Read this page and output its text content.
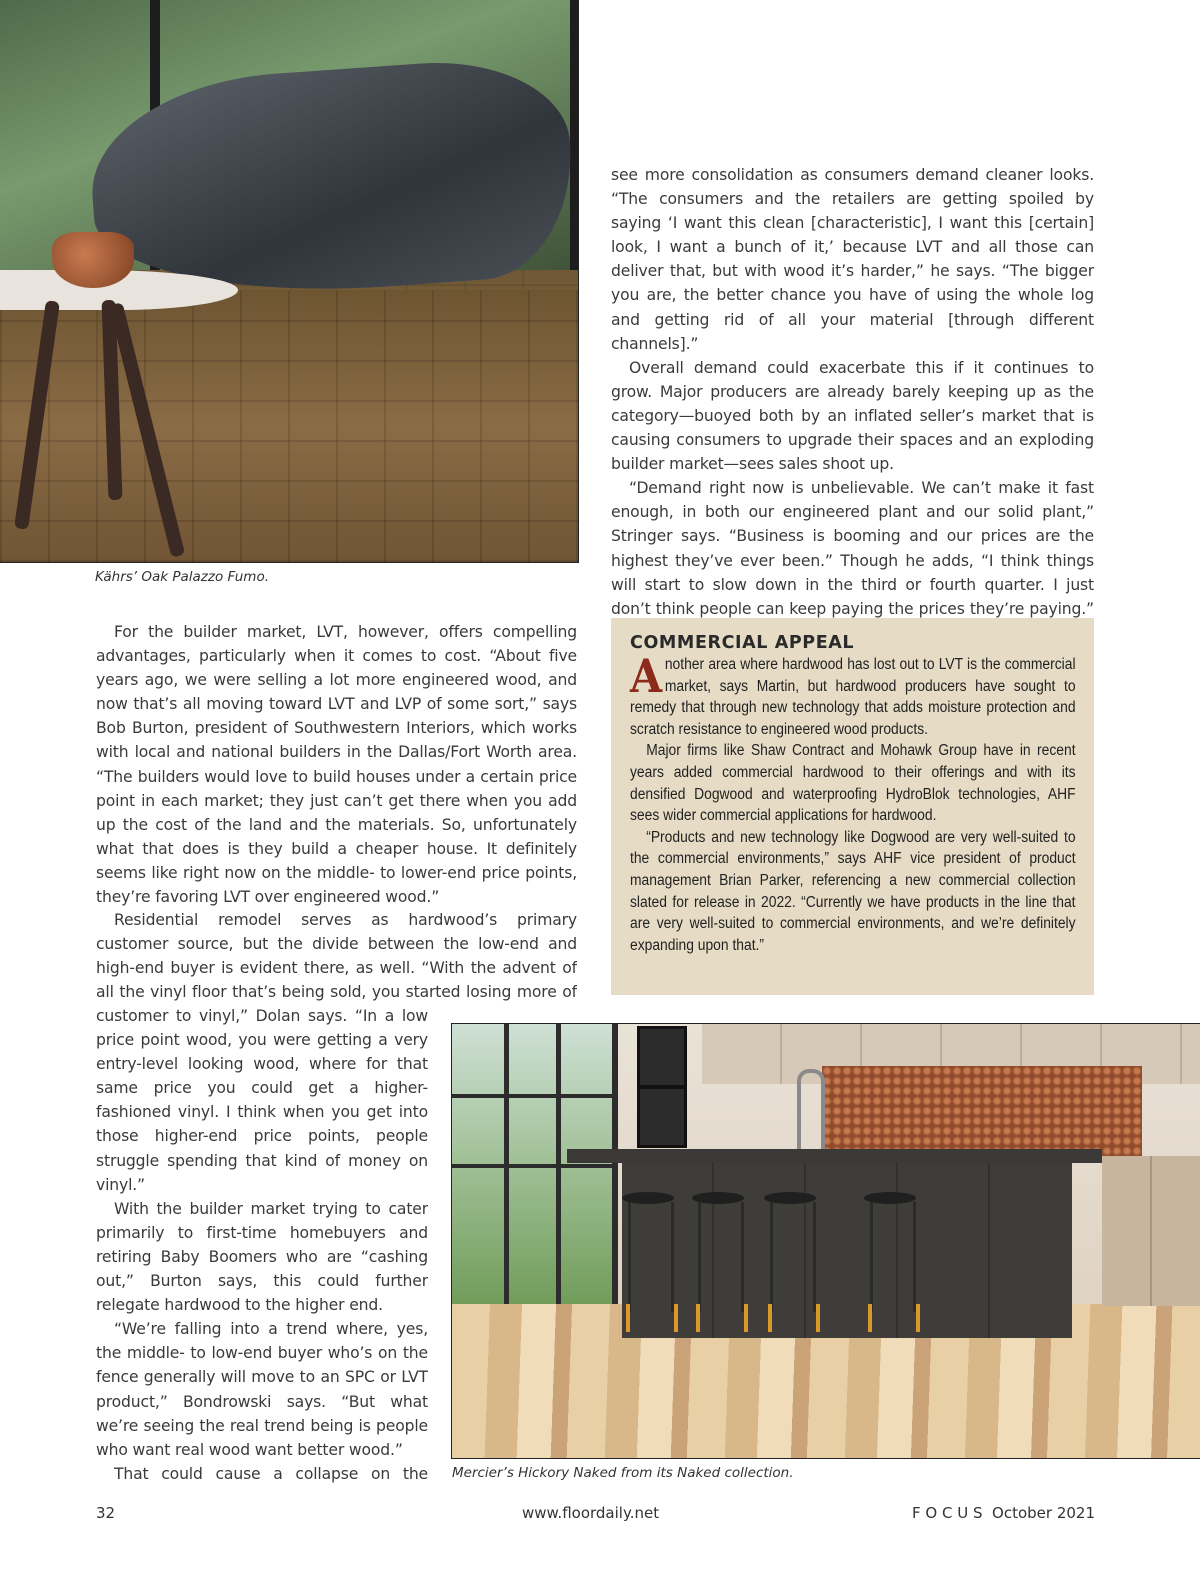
Kährs’ Oak Palazzo Fumo.

see more consolidation as consumers demand cleaner looks. “The consumers and the retailers are getting spoiled by saying ‘I want this clean [characteristic], I want this [certain] look, I want a bunch of it,’ because LVT and all those can deliver that, but with wood it’s harder,” he says. “The bigger you are, the better chance you have of using the whole log and getting rid of all your material [through different channels].”

Overall demand could exacerbate this if it continues to grow. Major producers are already barely keeping up as the category—buoyed both by an inflated seller’s market that is causing consumers to upgrade their spaces and an exploding builder market—sees sales shoot up.

“Demand right now is unbelievable. We can’t make it fast enough, in both our engineered plant and our solid plant,” Stringer says. “Business is booming and our prices are the highest they’ve ever been.” Though he adds, “I think things will start to slow down in the third or fourth quarter. I just don’t think people can keep paying the prices they’re paying.”

COMMERCIAL APPEAL

Another area where hardwood has lost out to LVT is the commercial market, says Martin, but hardwood producers have sought to remedy that through new technology that adds moisture protection and scratch resistance to engineered wood products.

Major firms like Shaw Contract and Mohawk Group have in recent years added commercial hardwood to their offerings and with its densified Dogwood and waterproofing HydroBlok technologies, AHF sees wider commercial applications for hardwood.

“Products and new technology like Dogwood are very well-suited to the commercial environments,” says AHF vice president of product management Brian Parker, referencing a new commercial collection slated for release in 2022. “Currently we have products in the line that are very well-suited to commercial environments, and we’re definitely expanding upon that.”

For the builder market, LVT, however, offers compelling advantages, particularly when it comes to cost. “About five years ago, we were selling a lot more engineered wood, and now that’s all moving toward LVT and LVP of some sort,” says Bob Burton, president of Southwestern Interiors, which works with local and national builders in the Dallas/Fort Worth area. “The builders would love to build houses under a certain price point in each market; they just can’t get there when you add up the cost of the land and the materials. So, unfortunately what that does is they build a cheaper house. It definitely seems like right now on the middle- to lower-end price points, they’re favoring LVT over engineered wood.”

Residential remodel serves as hardwood’s primary customer source, but the divide between the low-end and high-end buyer is evident there, as well. “With the advent of all the vinyl floor that’s being sold, you started losing more of

customer to vinyl,” Dolan says. “In a low price point wood, you were getting a very entry-level looking wood, where for that same price you could get a higher-fashioned vinyl. I think when you get into those higher-end price points, people struggle spending that kind of money on vinyl.”

With the builder market trying to cater primarily to first-time homebuyers and retiring Baby Boomers who are “cashing out,” Burton says, this could further relegate hardwood to the higher end.

“We’re falling into a trend where, yes, the middle- to low-end buyer who’s on the fence generally will move to an SPC or LVT product,” Bondrowski says. “But what we’re seeing the real trend being is people who want real wood want better wood.”

That could cause a collapse on the Mercier’s Hickory Naked from its Naked collection.
32	www.floordaily.net	F O C U S  October 2021
